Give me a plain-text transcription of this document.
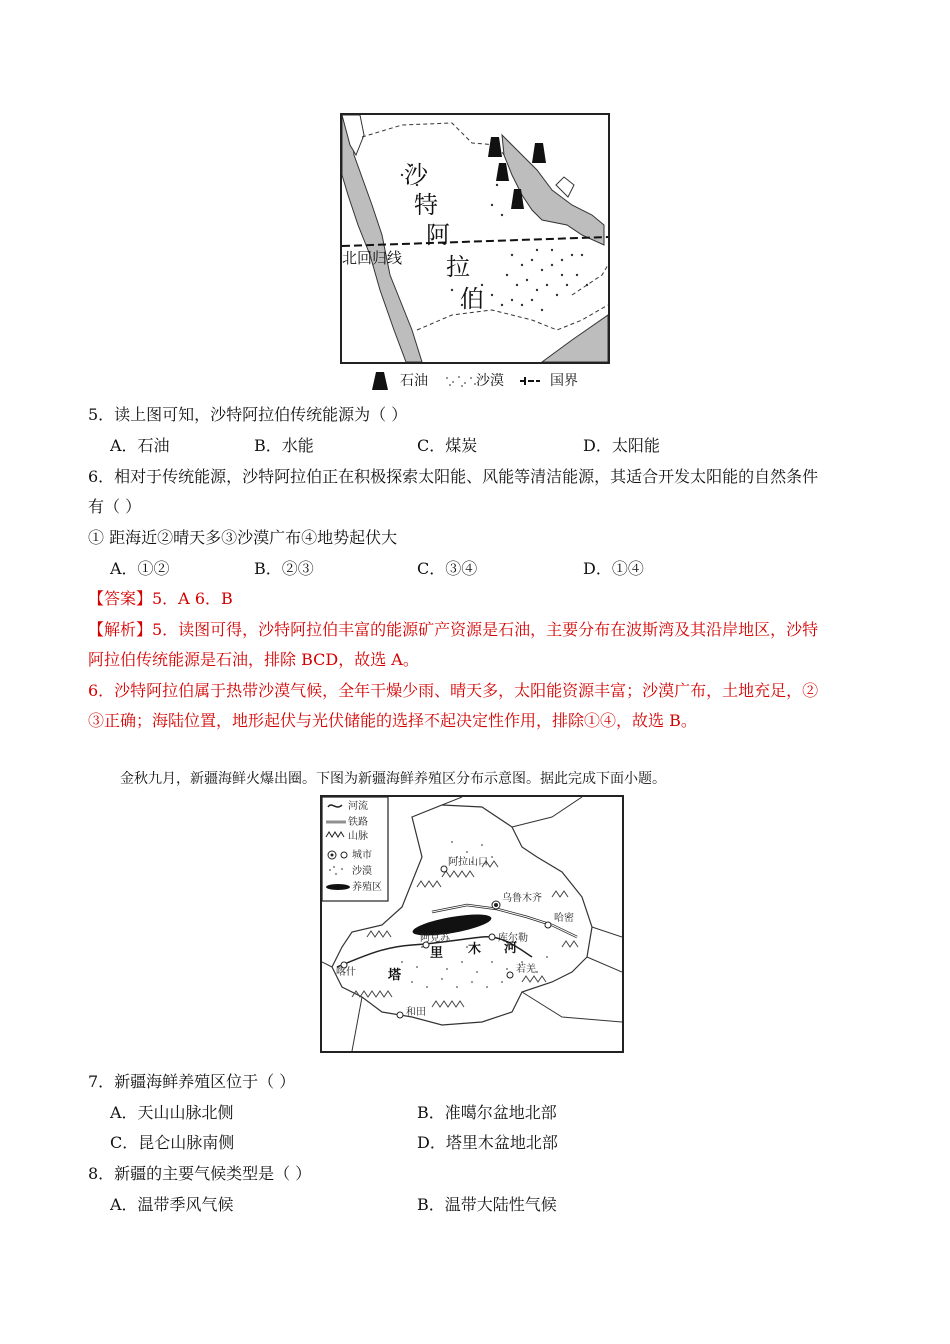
沙
特
阿
拉
伯
北回归线
石油	沙漠	国界
5．读上图可知，沙特阿拉伯传统能源为（ ）
A．石油	B．水能	C．煤炭	D．太阳能
6．相对于传统能源，沙特阿拉伯正在积极探索太阳能、风能等清洁能源，其适合开发太阳能的自然条件
有（ ）
① 距海近②晴天多③沙漠广布④地势起伏大
A．①②	B．②③	C．③④	D．①④
【答案】5．A 6．B
【解析】5．读图可得，沙特阿拉伯丰富的能源矿产资源是石油，主要分布在波斯湾及其沿岸地区，沙特
阿拉伯传统能源是石油，排除 BCD，故选 A。
6．沙特阿拉伯属于热带沙漠气候，全年干燥少雨、晴天多，太阳能资源丰富；沙漠广布，土地充足，②
③正确；海陆位置，地形起伏与光伏储能的选择不起决定性作用，排除①④，故选 B。
金秋九月，新疆海鲜火爆出圈。下图为新疆海鲜养殖区分布示意图。据此完成下面小题。
阿拉山口
乌鲁木齐
哈密
阿克苏	库尔勒
喀什	若羌
和田
塔
里 木 河
河流
铁路
山脉
城市
沙漠
养殖区
7．新疆海鲜养殖区位于（ ）
A．天山山脉北侧	B．准噶尔盆地北部
C．昆仑山脉南侧	D．塔里木盆地北部
8．新疆的主要气候类型是（ ）
A．温带季风气候	B．温带大陆性气候
